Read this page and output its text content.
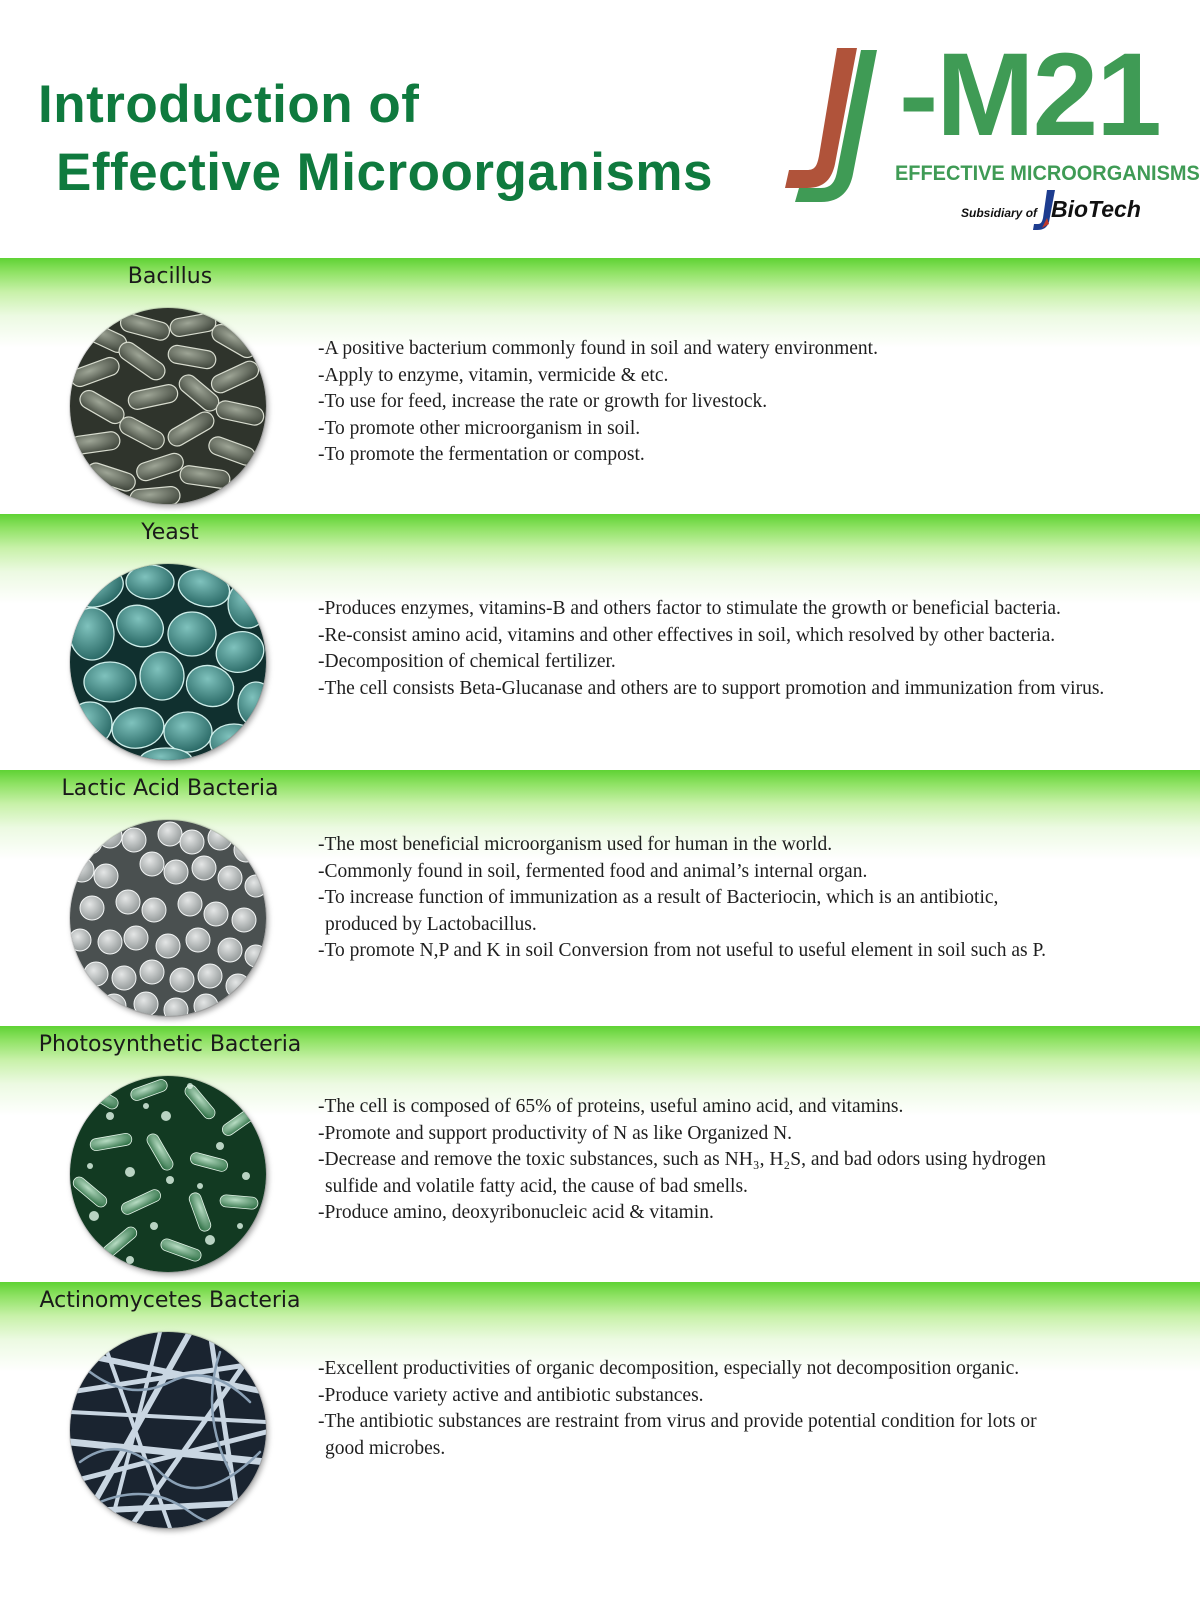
Introduction of
Effective Microorganisms
-M21
EFFECTIVE MICROORGANISMS
Subsidiary of BioTech
Bacillus
-A positive bacterium commonly found in soil and watery environment.
-Apply to enzyme, vitamin, vermicide & etc.
-To use for feed, increase the rate or growth for livestock.
-To promote other microorganism in soil.
-To promote the fermentation or compost.
Yeast
-Produces enzymes, vitamins-B and others factor to stimulate the growth or beneficial bacteria.
-Re-consist amino acid, vitamins and other effectives in soil, which resolved by other bacteria.
-Decomposition of chemical fertilizer.
-The cell consists Beta-Glucanase and others are to support promotion and immunization from virus.
Lactic Acid Bacteria
-The most beneficial microorganism used for human in the world.
-Commonly found in soil, fermented food and animal’s internal organ.
-To increase function of immunization as a result of Bacteriocin, which is an antibiotic,
produced by Lactobacillus.
-To promote N,P and K in soil Conversion from not useful to useful element in soil such as P.
Photosynthetic Bacteria
-The cell is composed of 65% of proteins, useful amino acid, and vitamins.
-Promote and support productivity of N as like Organized N.
-Decrease and remove the toxic substances, such as NH₃, H₂S, and bad odors using hydrogen
sulfide and volatile fatty acid, the cause of bad smells.
-Produce amino, deoxyribonucleic acid & vitamin.
Actinomycetes Bacteria
-Excellent productivities of organic decomposition, especially not decomposition organic.
-Produce variety active and antibiotic substances.
-The antibiotic substances are restraint from virus and provide potential condition for lots or
good microbes.
